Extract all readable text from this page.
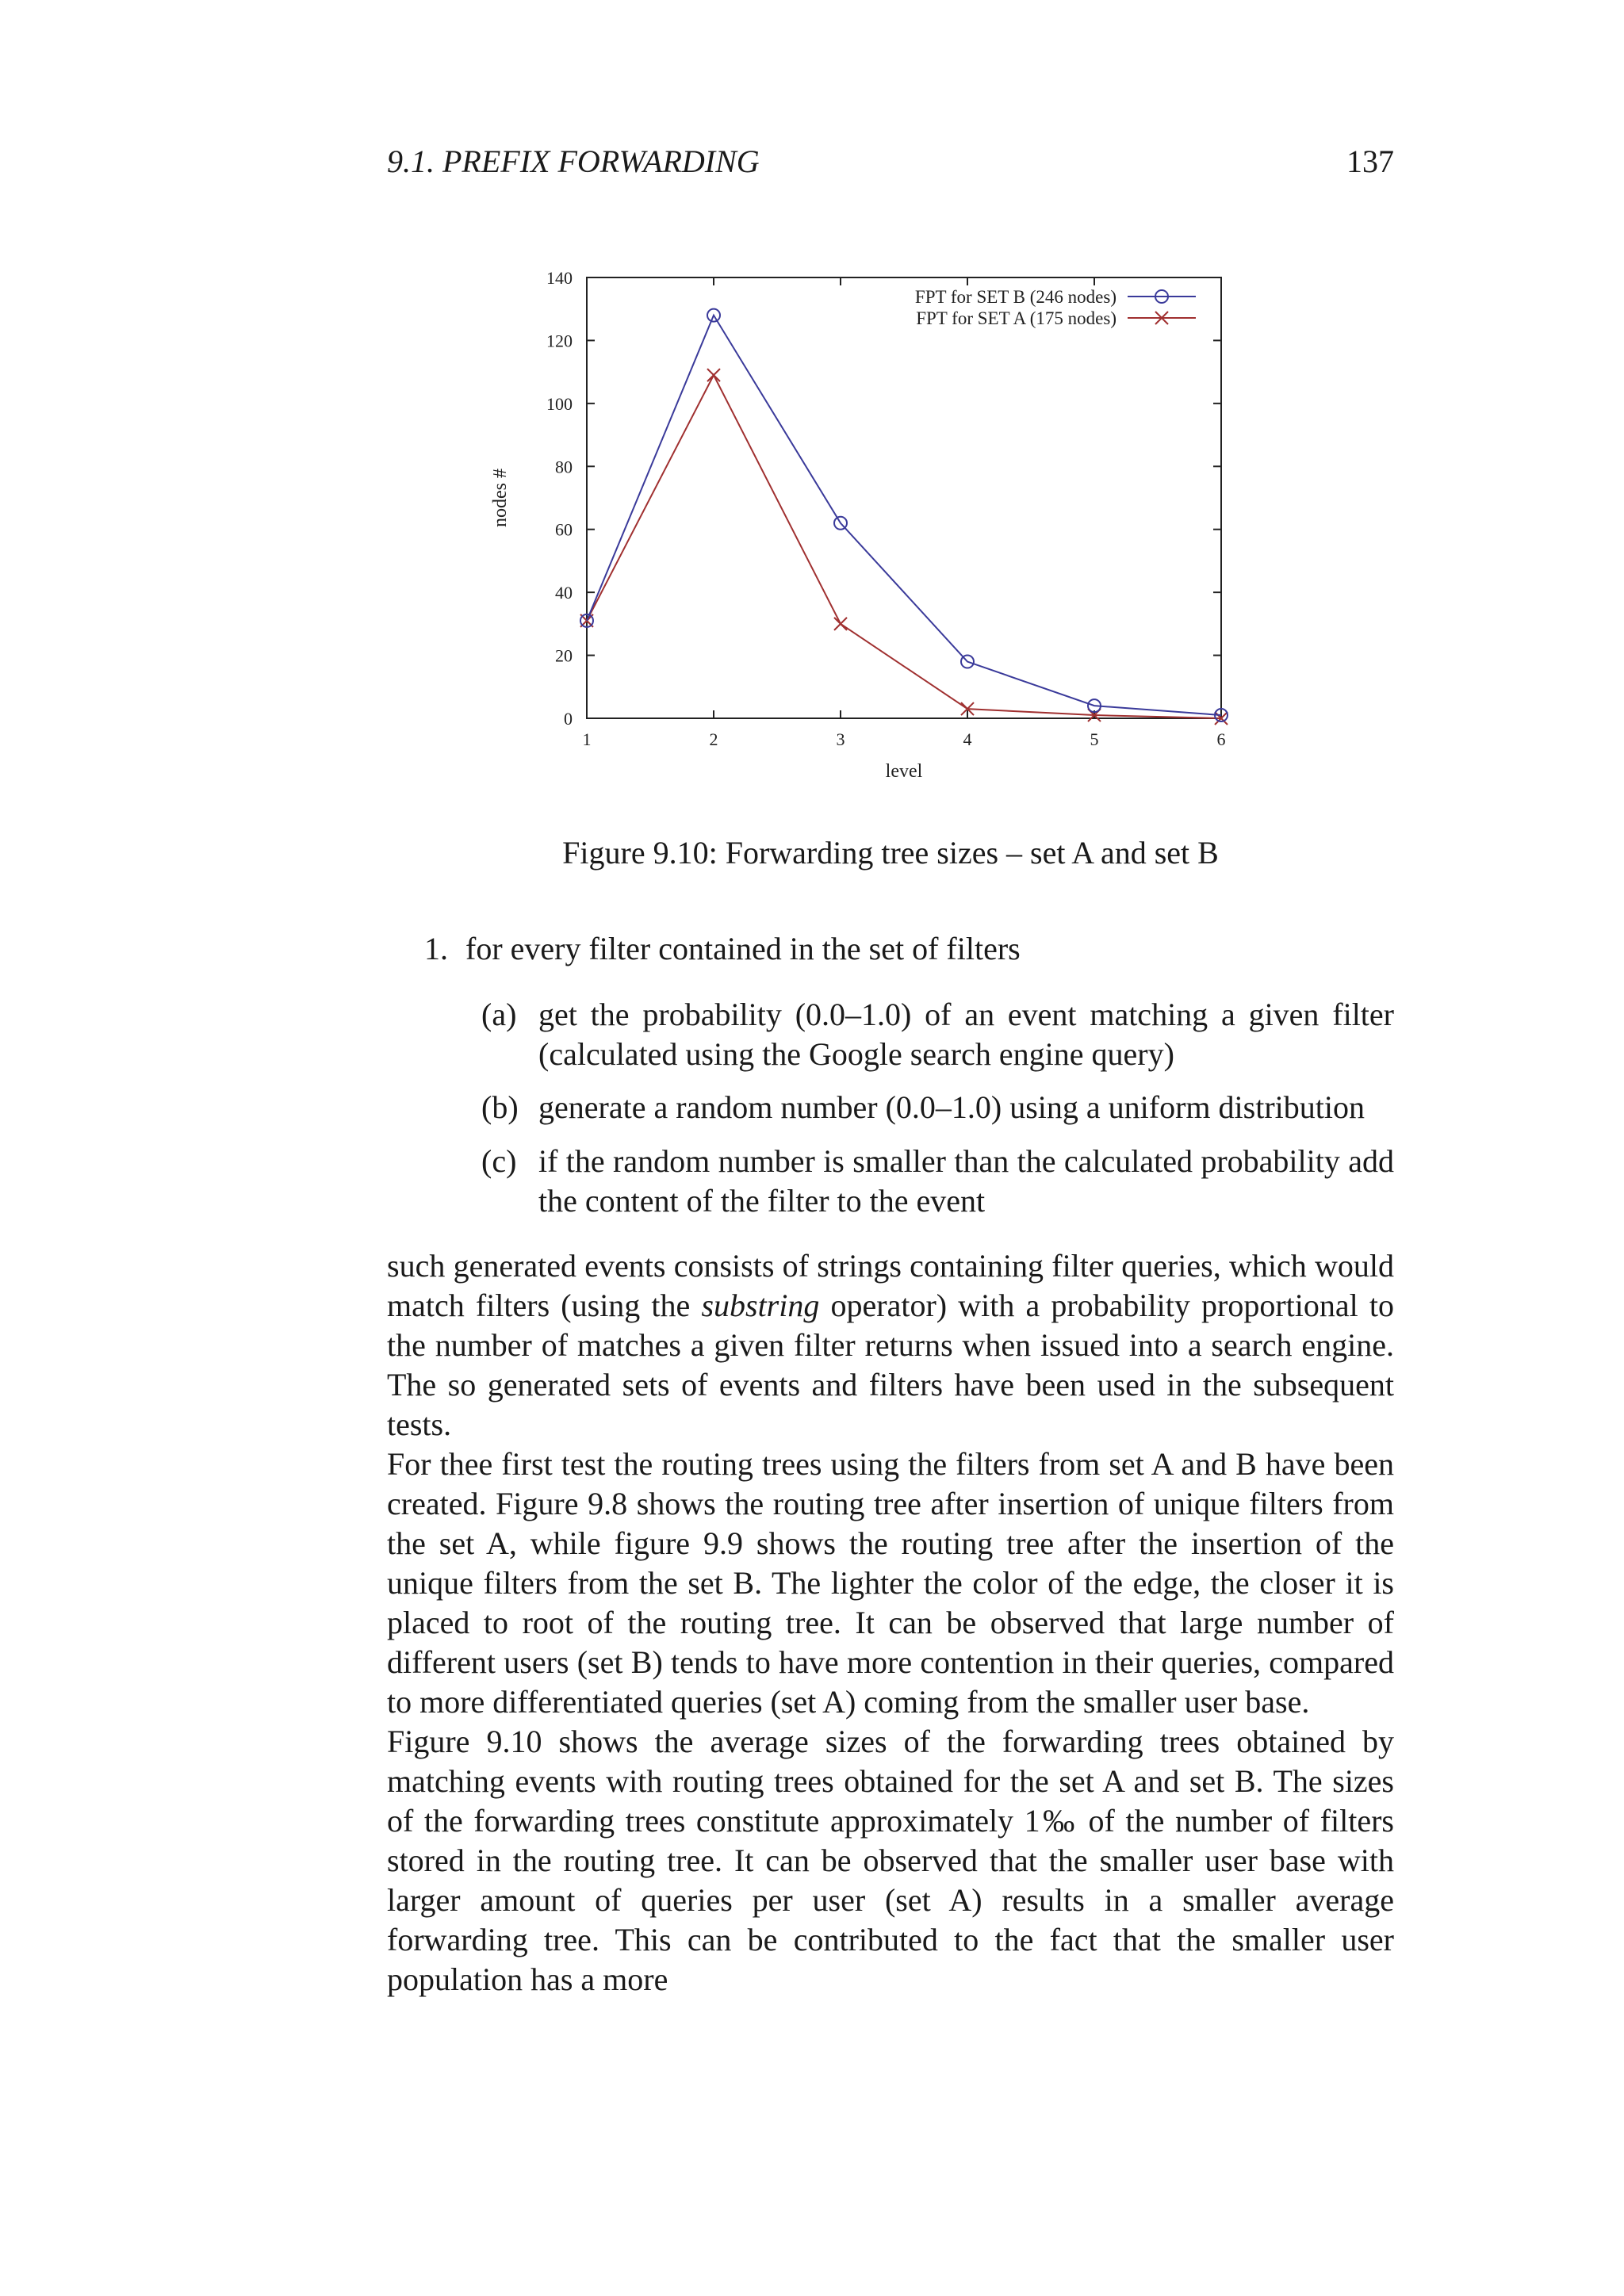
9.1. PREFIX FORWARDING	137
0
20
40
60
80
100
120
140
1	2	3	4	5	6
FPT for SET B (246 nodes)
FPT for SET A (175 nodes)
level
nodes #
Figure 9.10: Forwarding tree sizes – set A and set B
1. for every filter contained in the set of filters
(a) get the probability (0.0–1.0) of an event matching a given filter
(calculated using the Google search engine query)
(b) generate a random number (0.0–1.0) using a uniform distribution
(c) if the random number is smaller than the calculated probability add
the content of the filter to the event

such generated events consists of strings containing filter queries, which would match filters (using the substring operator) with a probability proportional to the number of matches a given filter returns when issued into a search engine. The so generated sets of events and filters have been used in the subsequent tests.

For thee first test the routing trees using the filters from set A and B have been created. Figure 9.8 shows the routing tree after insertion of unique filters from the set A, while figure 9.9 shows the routing tree after the insertion of the unique filters from the set B. The lighter the color of the edge, the closer it is placed to root of the routing tree. It can be observed that large number of different users (set B) tends to have more contention in their queries, compared to more differentiated queries (set A) coming from the smaller user base.

Figure 9.10 shows the average sizes of the forwarding trees obtained by matching events with routing trees obtained for the set A and set B. The sizes of the forwarding trees constitute approximately 1‰ of the number of filters stored in the routing tree. It can be observed that the smaller user base with larger amount of queries per user (set A) results in a smaller average forwarding tree. This can be contributed to the fact that the smaller user population has a more
